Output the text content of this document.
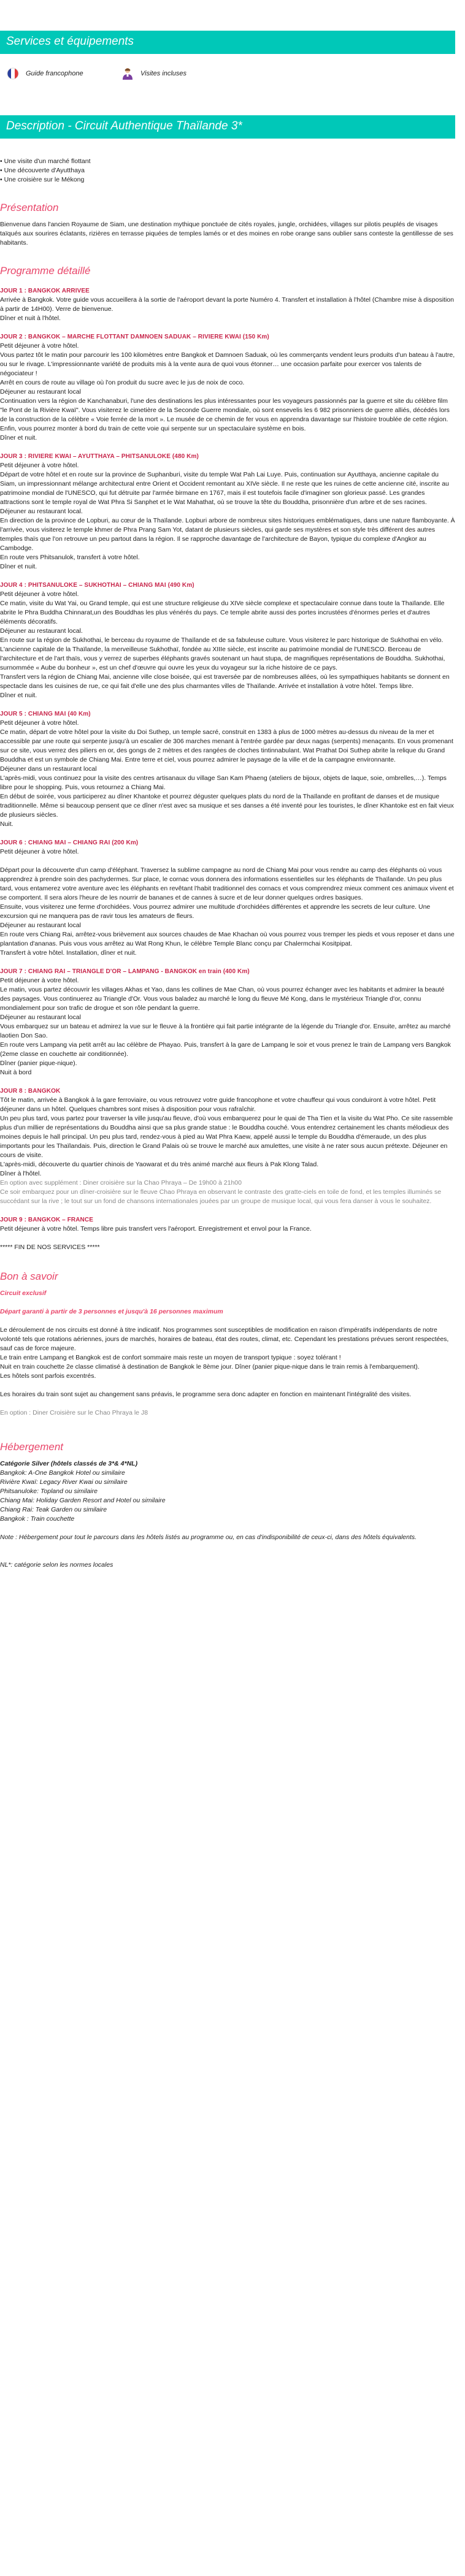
Services et équipements
Guide francophone	Visites incluses
Description - Circuit Authentique Thaïlande 3*
• Une visite d'un marché flottant
• Une découverte d'Ayutthaya
• Une croisière sur le Mékong
Présentation

Bienvenue dans l'ancien Royaume de Siam, une destination mythique ponctuée de cités royales, jungle, orchidées, villages sur pilotis peuplés de visages taïqués aux sourires éclatants, rizières en terrasse piquées de temples lamés or et des moines en robe orange sans oublier sans conteste la gentillesse de ses habitants.

Programme détaillé
JOUR 1 : BANGKOK ARRIVEE

Arrivée à Bangkok. Votre guide vous accueillera à la sortie de l'aéroport devant la porte Numéro 4. Transfert et installation à l'hôtel (Chambre mise à disposition à partir de 14H00). Verre de bienvenue.

Dîner et nuit à l'hôtel.

JOUR 2 : BANGKOK – MARCHE FLOTTANT DAMNOEN SADUAK – RIVIERE KWAI (150 Km)

Petit déjeuner à votre hôtel.

Vous partez tôt le matin pour parcourir les 100 kilomètres entre Bangkok et Damnoen Saduak, où les commerçants vendent leurs produits d'un bateau à l'autre, ou sur le rivage. L'impressionnante variété de produits mis à la vente aura de quoi vous étonner… une occasion parfaite pour exercer vos talents de négociateur !

Arrêt en cours de route au village où l'on produit du sucre avec le jus de noix de coco.

Déjeuner au restaurant local

Continuation vers la région de Kanchanaburi, l'une des destinations les plus intéressantes pour les voyageurs passionnés par la guerre et site du célèbre film "le Pont de la Rivière Kwaï". Vous visiterez le cimetière de la Seconde Guerre mondiale, où sont ensevelis les 6 982 prisonniers de guerre alliés, décédés lors de la construction de la célèbre « Voie ferrée de la mort ». Le musée de ce chemin de fer vous en apprendra davantage sur l'histoire troublée de cette région. Enfin, vous pourrez monter à bord du train de cette voie qui serpente sur un spectaculaire système en bois.

Dîner et nuit.

JOUR 3 : RIVIERE KWAI – AYUTTHAYA – PHITSANULOKE (480 Km)

Petit déjeuner à votre hôtel.

Départ de votre hôtel et en route sur la province de Suphanburi, visite du temple Wat Pah Lai Luye. Puis, continuation sur Ayutthaya, ancienne capitale du Siam, un impressionnant mélange architectural entre Orient et Occident remontant au XIVe siècle. Il ne reste que les ruines de cette ancienne cité, inscrite au patrimoine mondial de l'UNESCO, qui fut détruite par l'armée birmane en 1767, mais il est toutefois facile d'imaginer son glorieux passé. Les grandes attractions sont le temple royal de Wat Phra Si Sanphet et le Wat Mahathat, où se trouve la tête du Bouddha, prisonnière d'un arbre et de ses racines.

Déjeuner au restaurant local.

En direction de la province de Lopburi, au cœur de la Thaïlande. Lopburi arbore de nombreux sites historiques emblématiques, dans une nature flamboyante. À l'arrivée, vous visiterez le temple khmer de Phra Prang Sam Yot, datant de plusieurs siècles, qui garde ses mystères et son style très différent des autres temples thaïs que l'on retrouve un peu partout dans la région. Il se rapproche davantage de l'architecture de Bayon, typique du complexe d'Angkor au Cambodge.

En route vers Phitsanulok, transfert à votre hôtel.

Dîner et nuit.

JOUR 4 : PHITSANULOKE – SUKHOTHAI – CHIANG MAI (490 Km)

Petit déjeuner à votre hôtel.

Ce matin, visite du Wat Yai, ou Grand temple, qui est une structure religieuse du XIVe siècle complexe et spectaculaire connue dans toute la Thaïlande. Elle abrite le Phra Buddha Chinnarat,un des Bouddhas les plus vénérés du pays. Ce temple abrite aussi des portes incrustées d'énormes perles et d'autres éléments décoratifs.

Déjeuner au restaurant local.

En route sur la région de Sukhothai, le berceau du royaume de Thaïlande et de sa fabuleuse culture. Vous visiterez le parc historique de Sukhothai en vélo. L'ancienne capitale de la Thaïlande, la merveilleuse Sukhothaï, fondée au XIIIe siècle, est inscrite au patrimoine mondial de l'UNESCO. Berceau de l'architecture et de l'art thaïs, vous y verrez de superbes éléphants gravés soutenant un haut stupa, de magnifiques représentations de Bouddha. Sukhothai, surnommée « Aube du bonheur », est un chef d'œuvre qui ouvre les yeux du voyageur sur la riche histoire de ce pays.

Transfert vers la région de Chiang Mai, ancienne ville close boisée, qui est traversée par de nombreuses allées, où les sympathiques habitants se donnent en spectacle dans les cuisines de rue, ce qui fait d'elle une des plus charmantes villes de Thaïlande. Arrivée et installation à votre hôtel. Temps libre.

Dîner et nuit.

JOUR 5 : CHIANG MAI (40 Km)

Petit déjeuner à votre hôtel.

Ce matin, départ de votre hôtel pour la visite du Doi Suthep, un temple sacré, construit en 1383 à plus de 1000 mètres au-dessus du niveau de la mer et accessible par une route qui serpente jusqu'à un escalier de 306 marches menant à l'entrée gardée par deux nagas (serpents) menaçants. En vous promenant sur ce site, vous verrez des piliers en or, des gongs de 2 mètres et des rangées de cloches tintinnabulant. Wat Prathat Doi Suthep abrite la relique du Grand Bouddha et est un symbole de Chiang Mai. Entre terre et ciel, vous pourrez admirer le paysage de la ville et de la campagne environnante.

Déjeuner dans un restaurant local

L'après-midi, vous continuez pour la visite des centres artisanaux du village San Kam Phaeng (ateliers de bijoux, objets de laque, soie, ombrelles,…). Temps libre pour le shopping. Puis, vous retournez a Chiang Mai.

En début de soirée, vous participerez au dîner Khantoke et pourrez déguster quelques plats du nord de la Thaïlande en profitant de danses et de musique traditionnelle. Même si beaucoup pensent que ce dîner n'est avec sa musique et ses danses a été inventé pour les touristes, le dîner Khantoke est en fait vieux de plusieurs siècles.

Nuit.

JOUR 6 : CHIANG MAI – CHIANG RAI (200 Km)

Petit déjeuner à votre hôtel.

Départ pour la découverte d'un camp d'éléphant. Traversez la sublime campagne au nord de Chiang Mai pour vous rendre au camp des éléphants où vous apprendrez à prendre soin des pachydermes. Sur place, le cornac vous donnera des informations essentielles sur les éléphants de Thaïlande. Un peu plus tard, vous entamerez votre aventure avec les éléphants en revêtant l'habit traditionnel des cornacs et vous comprendrez mieux comment ces animaux vivent et se comportent. Il sera alors l'heure de les nourrir de bananes et de cannes à sucre et de leur donner quelques ordres basiques.

Ensuite, vous visiterez une ferme d'orchidées. Vous pourrez admirer une multitude d'orchidées différentes et apprendre les secrets de leur culture. Une excursion qui ne manquera pas de ravir tous les amateurs de fleurs.

Déjeuner au restaurant local

En route vers Chiang Rai, arrêtez-vous brièvement aux sources chaudes de Mae Khachan où vous pourrez vous tremper les pieds et vous reposer et dans une plantation d'ananas. Puis vous vous arrêtez au Wat Rong Khun, le célèbre Temple Blanc conçu par Chalermchai Kositpipat.

Transfert à votre hôtel. Installation, dîner et nuit.

JOUR 7 : CHIANG RAI – TRIANGLE D'OR – LAMPANG - BANGKOK en train (400 Km)

Petit déjeuner à votre hôtel.

Le matin, vous partez découvrir les villages Akhas et Yao, dans les collines de Mae Chan, où vous pourrez échanger avec les habitants et admirer la beauté des paysages. Vous continuerez au Triangle d'Or. Vous vous baladez au marché le long du fleuve Mé Kong, dans le mystérieux Triangle d'or, connu mondialement pour son trafic de drogue et son rôle pendant la guerre.

Déjeuner au restaurant local

Vous embarquez sur un bateau et admirez la vue sur le fleuve à la frontière qui fait partie intégrante de la légende du Triangle d'or. Ensuite, arrêtez au marché laotien Don Sao.

En route vers Lampang via petit arrêt au lac célèbre de Phayao. Puis, transfert à la gare de Lampang le soir et vous prenez le train de Lampang vers Bangkok (2eme classe en couchette air conditionnée).

Dîner (panier pique-nique).

Nuit à bord

JOUR 8 : BANGKOK

Tôt le matin, arrivée à Bangkok à la gare ferroviaire, ou vous retrouvez votre guide francophone et votre chauffeur qui vous conduiront à votre hôtel. Petit déjeuner dans un hôtel. Quelques chambres sont mises à disposition pour vous rafraîchir.

Un peu plus tard, vous partez pour traverser la ville jusqu'au fleuve, d'où vous embarquerez pour le quai de Tha Tien et la visite du Wat Pho. Ce site rassemble plus d'un millier de représentations du Bouddha ainsi que sa plus grande statue : le Bouddha couché. Vous entendrez certainement les chants mélodieux des moines depuis le hall principal. Un peu plus tard, rendez-vous à pied au Wat Phra Kaew, appelé aussi le temple du Bouddha d'émeraude, un des plus importants pour les Thaïlandais. Puis, direction le Grand Palais où se trouve le marché aux amulettes, une visite à ne rater sous aucun prétexte. Déjeuner en cours de visite.

L'après-midi, découverte du quartier chinois de Yaowarat et du très animé marché aux fleurs à Pak Klong Talad.

Dîner à l'hôtel.

En option avec supplément : Diner croisière sur la Chao Phraya – De 19h00 à 21h00

Ce soir embarquez pour un dîner-croisière sur le fleuve Chao Phraya en observant le contraste des gratte-ciels en toile de fond, et les temples illuminés se succédant sur la rive ; le tout sur un fond de chansons internationales jouées par un groupe de musique local, qui vous fera danser à vous le souhaitez.

JOUR 9 : BANGKOK – FRANCE

Petit déjeuner à votre hôtel. Temps libre puis transfert vers l'aéroport. Enregistrement et envol pour la France.

***** FIN DE NOS SERVICES *****
Bon à savoir
Circuit exclusif
Départ garanti à partir de 3 personnes et jusqu'à 16 personnes maximum

Le déroulement de nos circuits est donné à titre indicatif. Nos programmes sont susceptibles de modification en raison d'impératifs indépendants de notre volonté tels que rotations aériennes, jours de marchés, horaires de bateau, état des routes, climat, etc. Cependant les prestations prévues seront respectées, sauf cas de force majeure.

Le train entre Lampang et Bangkok est de confort sommaire mais reste un moyen de transport typique : soyez tolérant !

Nuit en train couchette 2e classe climatisé à destination de Bangkok le 8ème jour. Dîner (panier pique-nique dans le train remis à l'embarquement).

Les hôtels sont parfois excentrés.

Les horaires du train sont sujet au changement sans préavis, le programme sera donc adapter en fonction en maintenant l'intégralité des visites.

En option : Diner Croisière sur le Chao Phraya le J8

Hébergement
Catégorie Silver (hôtels classés de 3*& 4*NL)
Bangkok: A-One Bangkok Hotel ou similaire
Rivière Kwaï: Legacy River Kwai ou similaire
Phitsanuloke: Topland ou similaire
Chiang Mai: Holiday Garden Resort and Hotel ou similaire
Chiang Rai: Teak Garden ou similaire
Bangkok : Train couchette

Note : Hébergement pour tout le parcours dans les hôtels listés au programme ou, en cas d'indisponibilité de ceux-ci, dans des hôtels équivalents.

NL*: catégorie selon les normes locales
